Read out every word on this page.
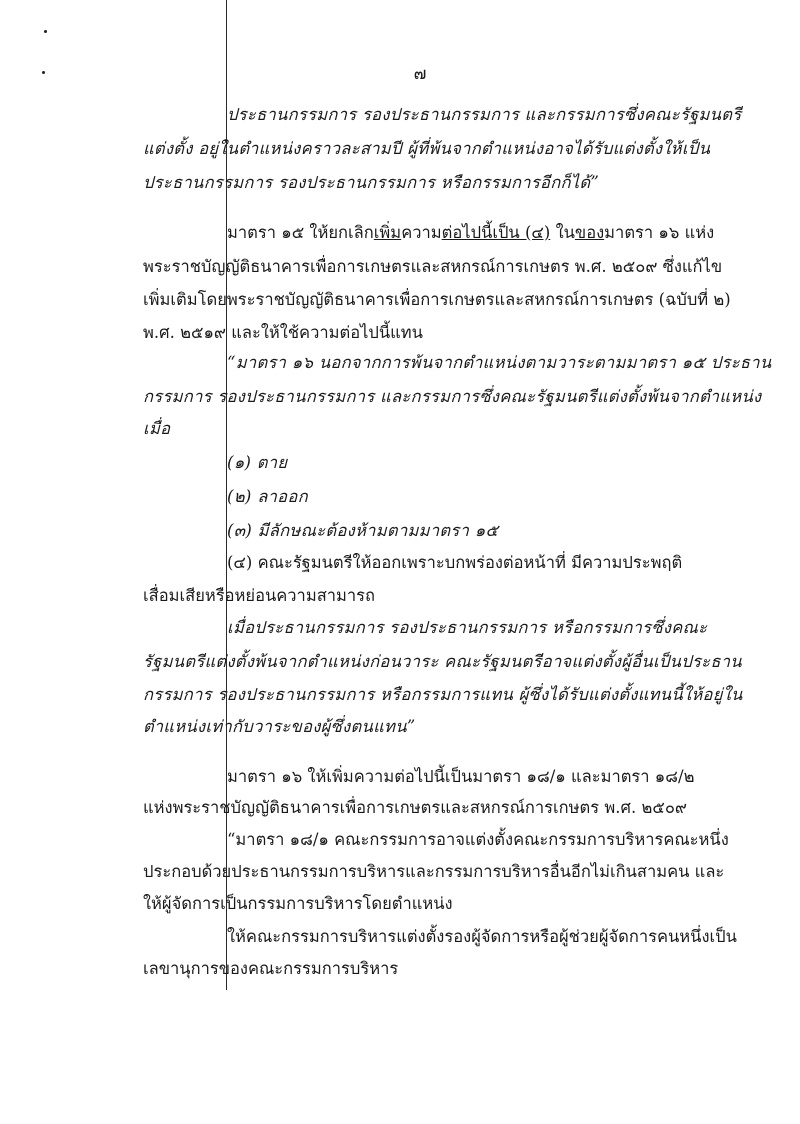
๗
ประธานกรรมการ รองประธานกรรมการ และกรรมการซึ่งคณะรัฐมนตรี
แต่งตั้ง อยู่ในตำแหน่งคราวละสามปี ผู้ที่พ้นจากตำแหน่งอาจได้รับแต่งตั้งให้เป็น
ประธานกรรมการ รองประธานกรรมการ หรือกรรมการอีกก็ได้”
มาตรา ๑๕ ให้ยกเลิกเพิ่มความต่อไปนี้เป็น (๔) ในของมาตรา ๑๖ แห่ง
พระราชบัญญัติธนาคารเพื่อการเกษตรและสหกรณ์การเกษตร พ.ศ. ๒๕๐๙ ซึ่งแก้ไข
เพิ่มเติมโดยพระราชบัญญัติธนาคารเพื่อการเกษตรและสหกรณ์การเกษตร (ฉบับที่ ๒)
พ.ศ. ๒๕๑๙ และให้ใช้ความต่อไปนี้แทน
“มาตรา ๑๖ นอกจากการพ้นจากตำแหน่งตามวาระตามมาตรา ๑๕ ประธาน
กรรมการ รองประธานกรรมการ และกรรมการซึ่งคณะรัฐมนตรีแต่งตั้งพ้นจากตำแหน่ง
เมื่อ
(๑) ตาย
(๒) ลาออก
(๓) มีลักษณะต้องห้ามตามมาตรา ๑๕
(๔) คณะรัฐมนตรีให้ออกเพราะบกพร่องต่อหน้าที่ มีความประพฤติ
เสื่อมเสียหรือหย่อนความสามารถ
เมื่อประธานกรรมการ รองประธานกรรมการ หรือกรรมการซึ่งคณะ
รัฐมนตรีแต่งตั้งพ้นจากตำแหน่งก่อนวาระ คณะรัฐมนตรีอาจแต่งตั้งผู้อื่นเป็นประธาน
กรรมการ รองประธานกรรมการ หรือกรรมการแทน ผู้ซึ่งได้รับแต่งตั้งแทนนี้ให้อยู่ใน
ตำแหน่งเท่ากับวาระของผู้ซึ่งตนแทน”
มาตรา ๑๖ ให้เพิ่มความต่อไปนี้เป็นมาตรา ๑๘/๑ และมาตรา ๑๘/๒
แห่งพระราชบัญญัติธนาคารเพื่อการเกษตรและสหกรณ์การเกษตร พ.ศ. ๒๕๐๙
“มาตรา ๑๘/๑ คณะกรรมการอาจแต่งตั้งคณะกรรมการบริหารคณะหนึ่ง
ประกอบด้วยประธานกรรมการบริหารและกรรมการบริหารอื่นอีกไม่เกินสามคน และ
ให้ผู้จัดการเป็นกรรมการบริหารโดยตำแหน่ง
ให้คณะกรรมการบริหารแต่งตั้งรองผู้จัดการหรือผู้ช่วยผู้จัดการคนหนึ่งเป็น
เลขานุการของคณะกรรมการบริหาร
